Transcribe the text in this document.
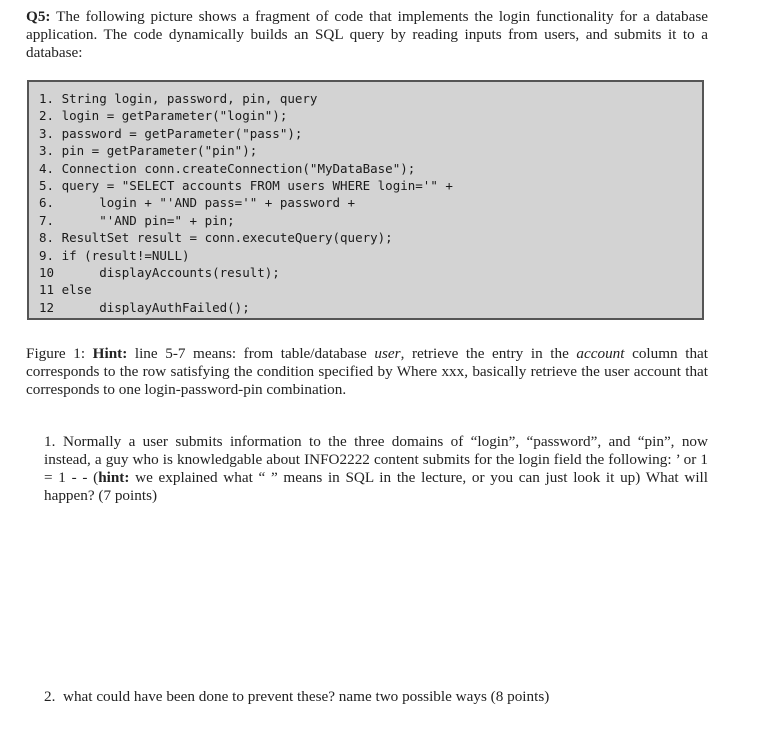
Q5: The following picture shows a fragment of code that implements the login functionality for a database application. The code dynamically builds an SQL query by reading inputs from users, and submits it to a database:
1. String login, password, pin, query
2. login = getParameter("login");
3. password = getParameter("pass");
3. pin = getParameter("pin");
4. Connection conn.createConnection("MyDataBase");
5. query = "SELECT accounts FROM users WHERE login='" +
6.      login + "'AND pass='" + password +
7.      "'AND pin=" + pin;
8. ResultSet result = conn.executeQuery(query);
9. if (result!=NULL)
10      displayAccounts(result);
11 else
12      displayAuthFailed();
Figure 1: Hint: line 5-7 means: from table/database user, retrieve the entry in the account column that corresponds to the row satisfying the condition specified by Where xxx, basically retrieve the user account that corresponds to one login-password-pin combination.
1. Normally a user submits information to the three domains of “login”, “password”, and “pin”, now instead, a guy who is knowledgable about INFO2222 content submits for the login field the following: ’ or 1 = 1 - - (hint: we explained what “ ” means in SQL in the lecture, or you can just look it up) What will happen? (7 points)
2. what could have been done to prevent these? name two possible ways (8 points)
